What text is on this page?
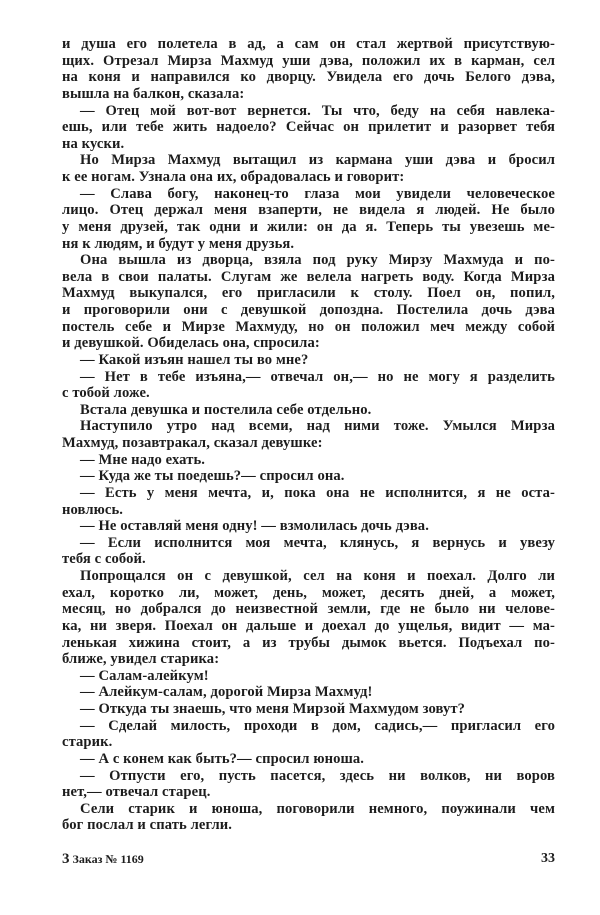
и душа его полетела в ад, а сам он стал жертвой присутствую-
щих. Отрезал Мирза Махмуд уши дэва, положил их в карман, сел
на коня и направился ко дворцу. Увидела его дочь Белого дэва,
вышла на балкон, сказала:
— Отец мой вот-вот вернется. Ты что, беду на себя навлека-
ешь, или тебе жить надоело? Сейчас он прилетит и разорвет тебя
на куски.
Но Мирза Махмуд вытащил из кармана уши дэва и бросил
к ее ногам. Узнала она их, обрадовалась и говорит:
— Слава богу, наконец-то глаза мои увидели человеческое
лицо. Отец держал меня взаперти, не видела я людей. Не было
у меня друзей, так одни и жили: он да я. Теперь ты увезешь ме-
ня к людям, и будут у меня друзья.
Она вышла из дворца, взяла под руку Мирзу Махмуда и по-
вела в свои палаты. Слугам же велела нагреть воду. Когда Мирза
Махмуд выкупался, его пригласили к столу. Поел он, попил,
и проговорили они с девушкой допоздна. Постелила дочь дэва
постель себе и Мирзе Махмуду, но он положил меч между собой
и девушкой. Обиделась она, спросила:
— Какой изъян нашел ты во мне?
— Нет в тебе изъяна,— отвечал он,— но не могу я разделить
с тобой ложе.
Встала девушка и постелила себе отдельно.
Наступило утро над всеми, над ними тоже. Умылся Мирза
Махмуд, позавтракал, сказал девушке:
— Мне надо ехать.
— Куда же ты поедешь?— спросил она.
— Есть у меня мечта, и, пока она не исполнится, я не оста-
новлюсь.
— Не оставляй меня одну! — взмолилась дочь дэва.
— Если исполнится моя мечта, клянусь, я вернусь и увезу
тебя с собой.
Попрощался он с девушкой, сел на коня и поехал. Долго ли
ехал, коротко ли, может, день, может, десять дней, а может,
месяц, но добрался до неизвестной земли, где не было ни челове-
ка, ни зверя. Поехал он дальше и доехал до ущелья, видит — ма-
ленькая хижина стоит, а из трубы дымок вьется. Подъехал по-
ближе, увидел старика:
— Салам-алейкум!
— Алейкум-салам, дорогой Мирза Махмуд!
— Откуда ты знаешь, что меня Мирзой Махмудом зовут?
— Сделай милость, проходи в дом, садись,— пригласил его
старик.
— А с конем как быть?— спросил юноша.
— Отпусти его, пусть пасется, здесь ни волков, ни воров
нет,— отвечал старец.
Сели старик и юноша, поговорили немного, поужинали чем
бог послал и спать легли.
3 Заказ № 1169	33
